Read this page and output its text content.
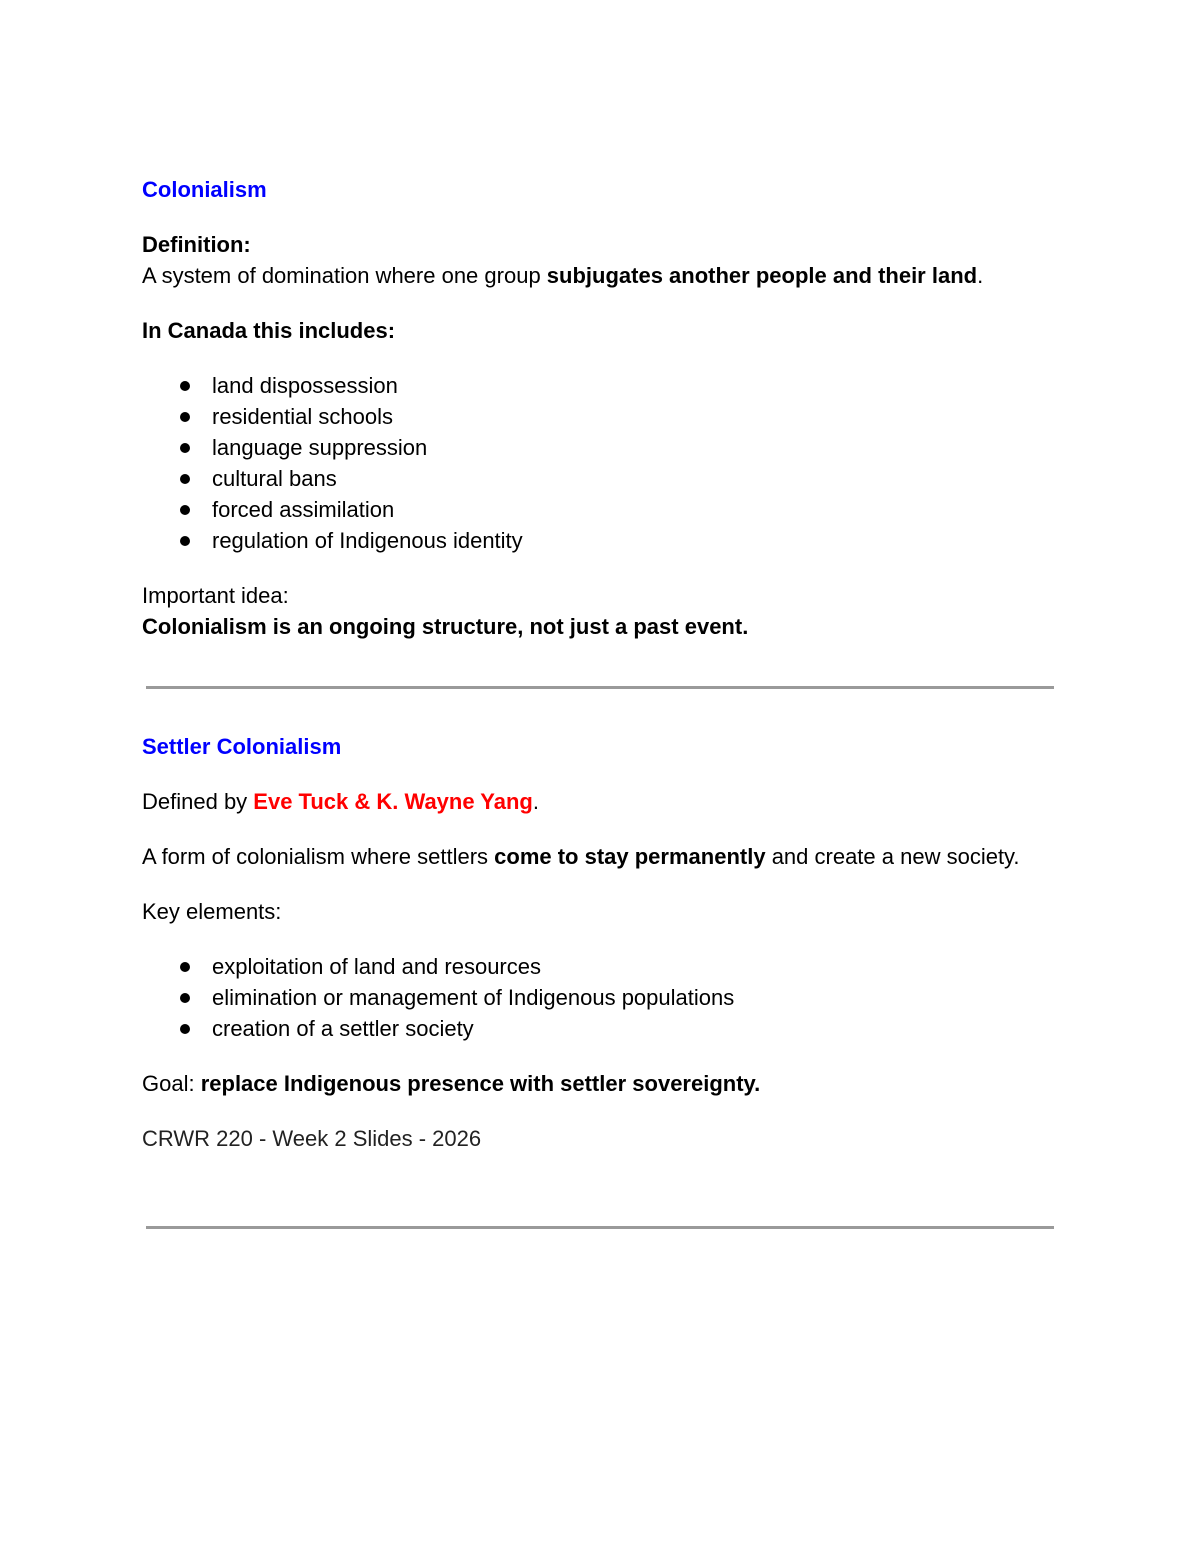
Colonialism

Definition:

A system of domination where one group subjugates another people and their land.

In Canada this includes:

land dispossession
residential schools
language suppression
cultural bans
forced assimilation
regulation of Indigenous identity

Important idea:

Colonialism is an ongoing structure, not just a past event.

Settler Colonialism

Defined by Eve Tuck & K. Wayne Yang.

A form of colonialism where settlers come to stay permanently and create a new society.

Key elements:

exploitation of land and resources
elimination or management of Indigenous populations
creation of a settler society

Goal: replace Indigenous presence with settler sovereignty.

CRWR 220 - Week 2 Slides - 2026
